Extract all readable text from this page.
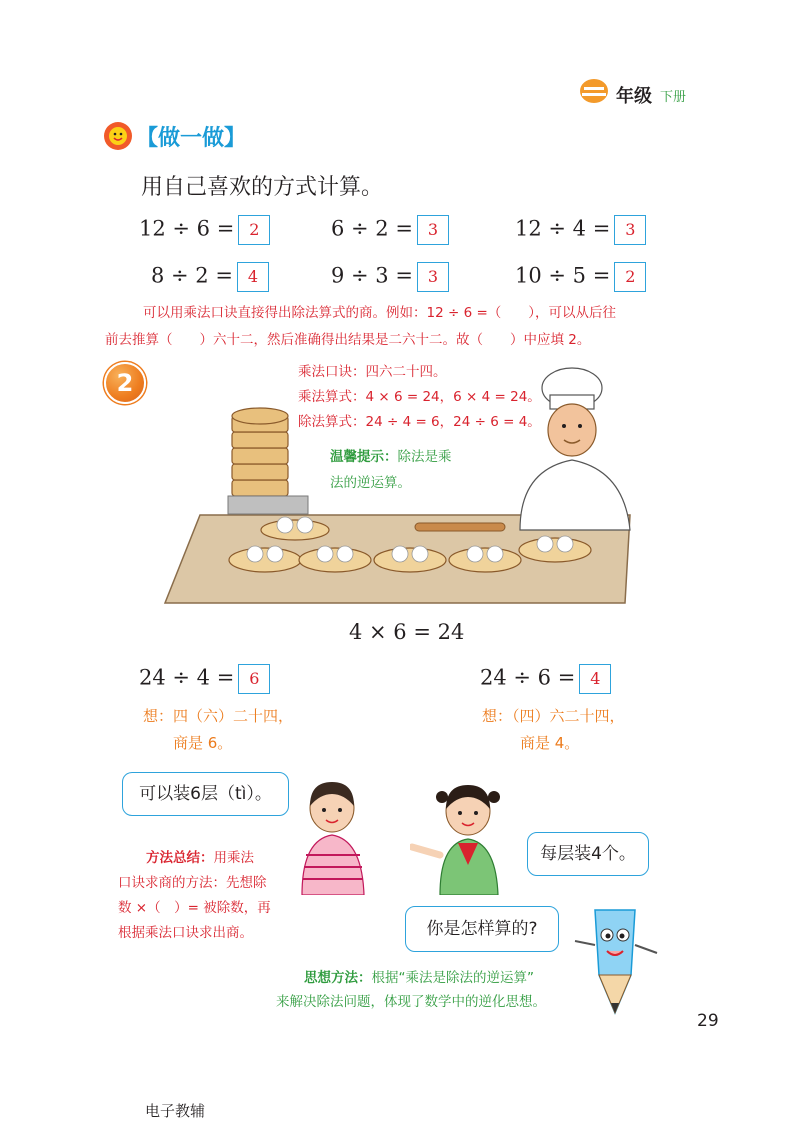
年级 下册
【做一做】
用自己喜欢的方式计算。
12 ÷ 6 = 2	6 ÷ 2 = 3	12 ÷ 4 = 3
8 ÷ 2 = 4	9 ÷ 3 = 3	10 ÷ 5 = 2
可以用乘法口诀直接得出除法算式的商。例如：12 ÷ 6 =（　　），可以从后往
前去推算（　　）六十二，然后准确得出结果是二六十二。故（　　）中应填 2。
2	乘法口诀：四六二十四。
乘法算式：4 × 6 = 24，6 × 4 = 24。
除法算式：24 ÷ 4 = 6，24 ÷ 6 = 4。
温馨提示：除法是乘
法的逆运算。
4 × 6 = 24
24 ÷ 4 = 6
想：四（六）二十四，
商是 6。
24 ÷ 6 = 4
想：（四）六二十四，
商是 4。
可以装6层（tì）。
每层装4个。
你是怎样算的?
方法总结：用乘法
口诀求商的方法：先想除
数 ×（　）= 被除数，再
根据乘法口诀求出商。
思想方法：根据“乘法是除法的逆运算”
来解决除法问题，体现了数学中的逆化思想。
29
电子教辅
